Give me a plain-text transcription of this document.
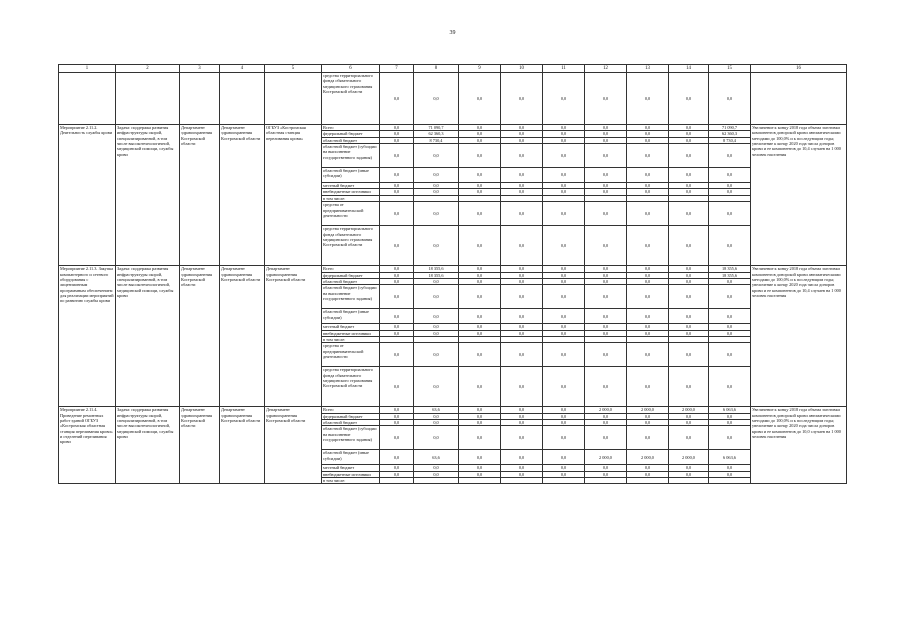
39
1	2	3	4	5	6	7	8	9	10	11	12	13	14	15	16
					средства территориального фонда обязательного медицинского страхования Костромской области	0,0	0,0	0,0	0,0	0,0	0,0	0,0	0,0	0,0	
Мероприятие 2.11.2. Деятельность службы крови	Задача: поддержка развития инфраструктуры скорой, специализированной, в том числе высокотехнологичной, медицинской помощи, службы крови	Департамент здравоохранения Костромской области	Департамент здравоохранения Костромской области	ОГБУЗ «Костромская областная станция переливания крови»	Всего	0,0	71 090,7	0,0	0,0	0,0	0,0	0,0	0,0	71 090,7	Увеличение к концу 2018 года объема заготовки компонентов донорской крови автоматическими методами до 100,0% и к последующим годы; увеличение к концу 2020 года числа доноров крови и ее компонентов до 10,4 случаев на 1 000 человек населения
					федеральный бюджет	0,0	62 360,3	0,0	0,0	0,0	0,0	0,0	0,0	62 360,3	
					областной бюджет	0,0	8 730,4	0,0	0,0	0,0	0,0	0,0	0,0	8 730,4	
					областной бюджет (субсидии на выполнение государственного задания)	0,0	0,0	0,0	0,0	0,0	0,0	0,0	0,0	0,0	
					областной бюджет (иные субсидии)	0,0	0,0	0,0	0,0	0,0	0,0	0,0	0,0	0,0	
					местный бюджет	0,0	0,0	0,0	0,0	0,0	0,0	0,0	0,0	0,0	
					внебюджетные источники	0,0	0,0	0,0	0,0	0,0	0,0	0,0	0,0	0,0	
					в том числе:										
					средства от предпринимательской деятельности	0,0	0,0	0,0	0,0	0,0	0,0	0,0	0,0	0,0	
					средства территориального фонда обязательного медицинского страхования Костромской области	0,0	0,0	0,0	0,0	0,0	0,0	0,0	0,0	0,0	
Мероприятие 2.11.3. Закупка компьютерного и сетевого оборудования с лицензионным программным обеспечением для реализации мероприятий по развитию службы крови	Задача: поддержка развития инфраструктуры скорой, специализированной, в том числе высокотехнологичной, медицинской помощи, службы крови	Департамент здравоохранения Костромской области	Департамент здравоохранения Костромской области	Департамент здравоохранения Костромской области	Всего	0,0	18 355,6	0,0	0,0	0,0	0,0	0,0	0,0	18 355,6	Увеличение к концу 2018 года объема заготовки компонентов донорской крови автоматическими методами до 100,0% и к последующим годы; увеличение к концу 2020 года числа доноров крови и ее компонентов до 10,4 случаев на 1 000 человек населения
					федеральный бюджет	0,0	18 355,6	0,0	0,0	0,0	0,0	0,0	0,0	18 355,6	
					областной бюджет	0,0	0,0	0,0	0,0	0,0	0,0	0,0	0,0	0,0	
					областной бюджет (субсидии на выполнение государственного задания)	0,0	0,0	0,0	0,0	0,0	0,0	0,0	0,0	0,0	
					областной бюджет (иные субсидии)	0,0	0,0	0,0	0,0	0,0	0,0	0,0	0,0	0,0	
					местный бюджет	0,0	0,0	0,0	0,0	0,0	0,0	0,0	0,0	0,0	
					внебюджетные источники	0,0	0,0	0,0	0,0	0,0	0,0	0,0	0,0	0,0	
					в том числе:										
					средства от предпринимательской деятельности	0,0	0,0	0,0	0,0	0,0	0,0	0,0	0,0	0,0	
					средства территориального фонда обязательного медицинского страхования Костромской области	0,0	0,0	0,0	0,0	0,0	0,0	0,0	0,0	0,0	
Мероприятие 2.11.4. Проведение ремонтных работ зданий ОГБУЗ «Костромская областная станция переливания крови» и отделений переливания крови	Задача: поддержка развития инфраструктуры скорой, специализированной, в том числе высокотехнологичной, медицинской помощи, службы крови	Департамент здравоохранения Костромской области	Департамент здравоохранения Костромской области	Департамент здравоохранения Костромской области	Всего	0,0	63,6	0,0	0,0	0,0	2 000,0	2 000,0	2 000,0	6 063,6	Увеличение к концу 2018 года объема заготовки компонентов донорской крови автоматическими методами до 100,0% и к последующим годы; увеличение к концу 2020 года числа доноров крови и ее компонентов до 10,0 случаев на 1 000 человек населения
					федеральный бюджет	0,0	0,0	0,0	0,0	0,0	0,0	0,0	0,0	0,0	
					областной бюджет	0,0	0,0	0,0	0,0	0,0	0,0	0,0	0,0	0,0	
					областной бюджет (субсидии на выполнение государственного задания)	0,0	0,0	0,0	0,0	0,0	0,0	0,0	0,0	0,0	
					областной бюджет (иные субсидии)	0,0	63,6	0,0	0,0	0,0	2 000,0	2 000,0	2 000,0	6 063,6	
					местный бюджет	0,0	0,0	0,0	0,0	0,0	0,0	0,0	0,0	0,0	
					внебюджетные источники	0,0	0,0	0,0	0,0	0,0	0,0	0,0	0,0	0,0	
					в том числе:										
